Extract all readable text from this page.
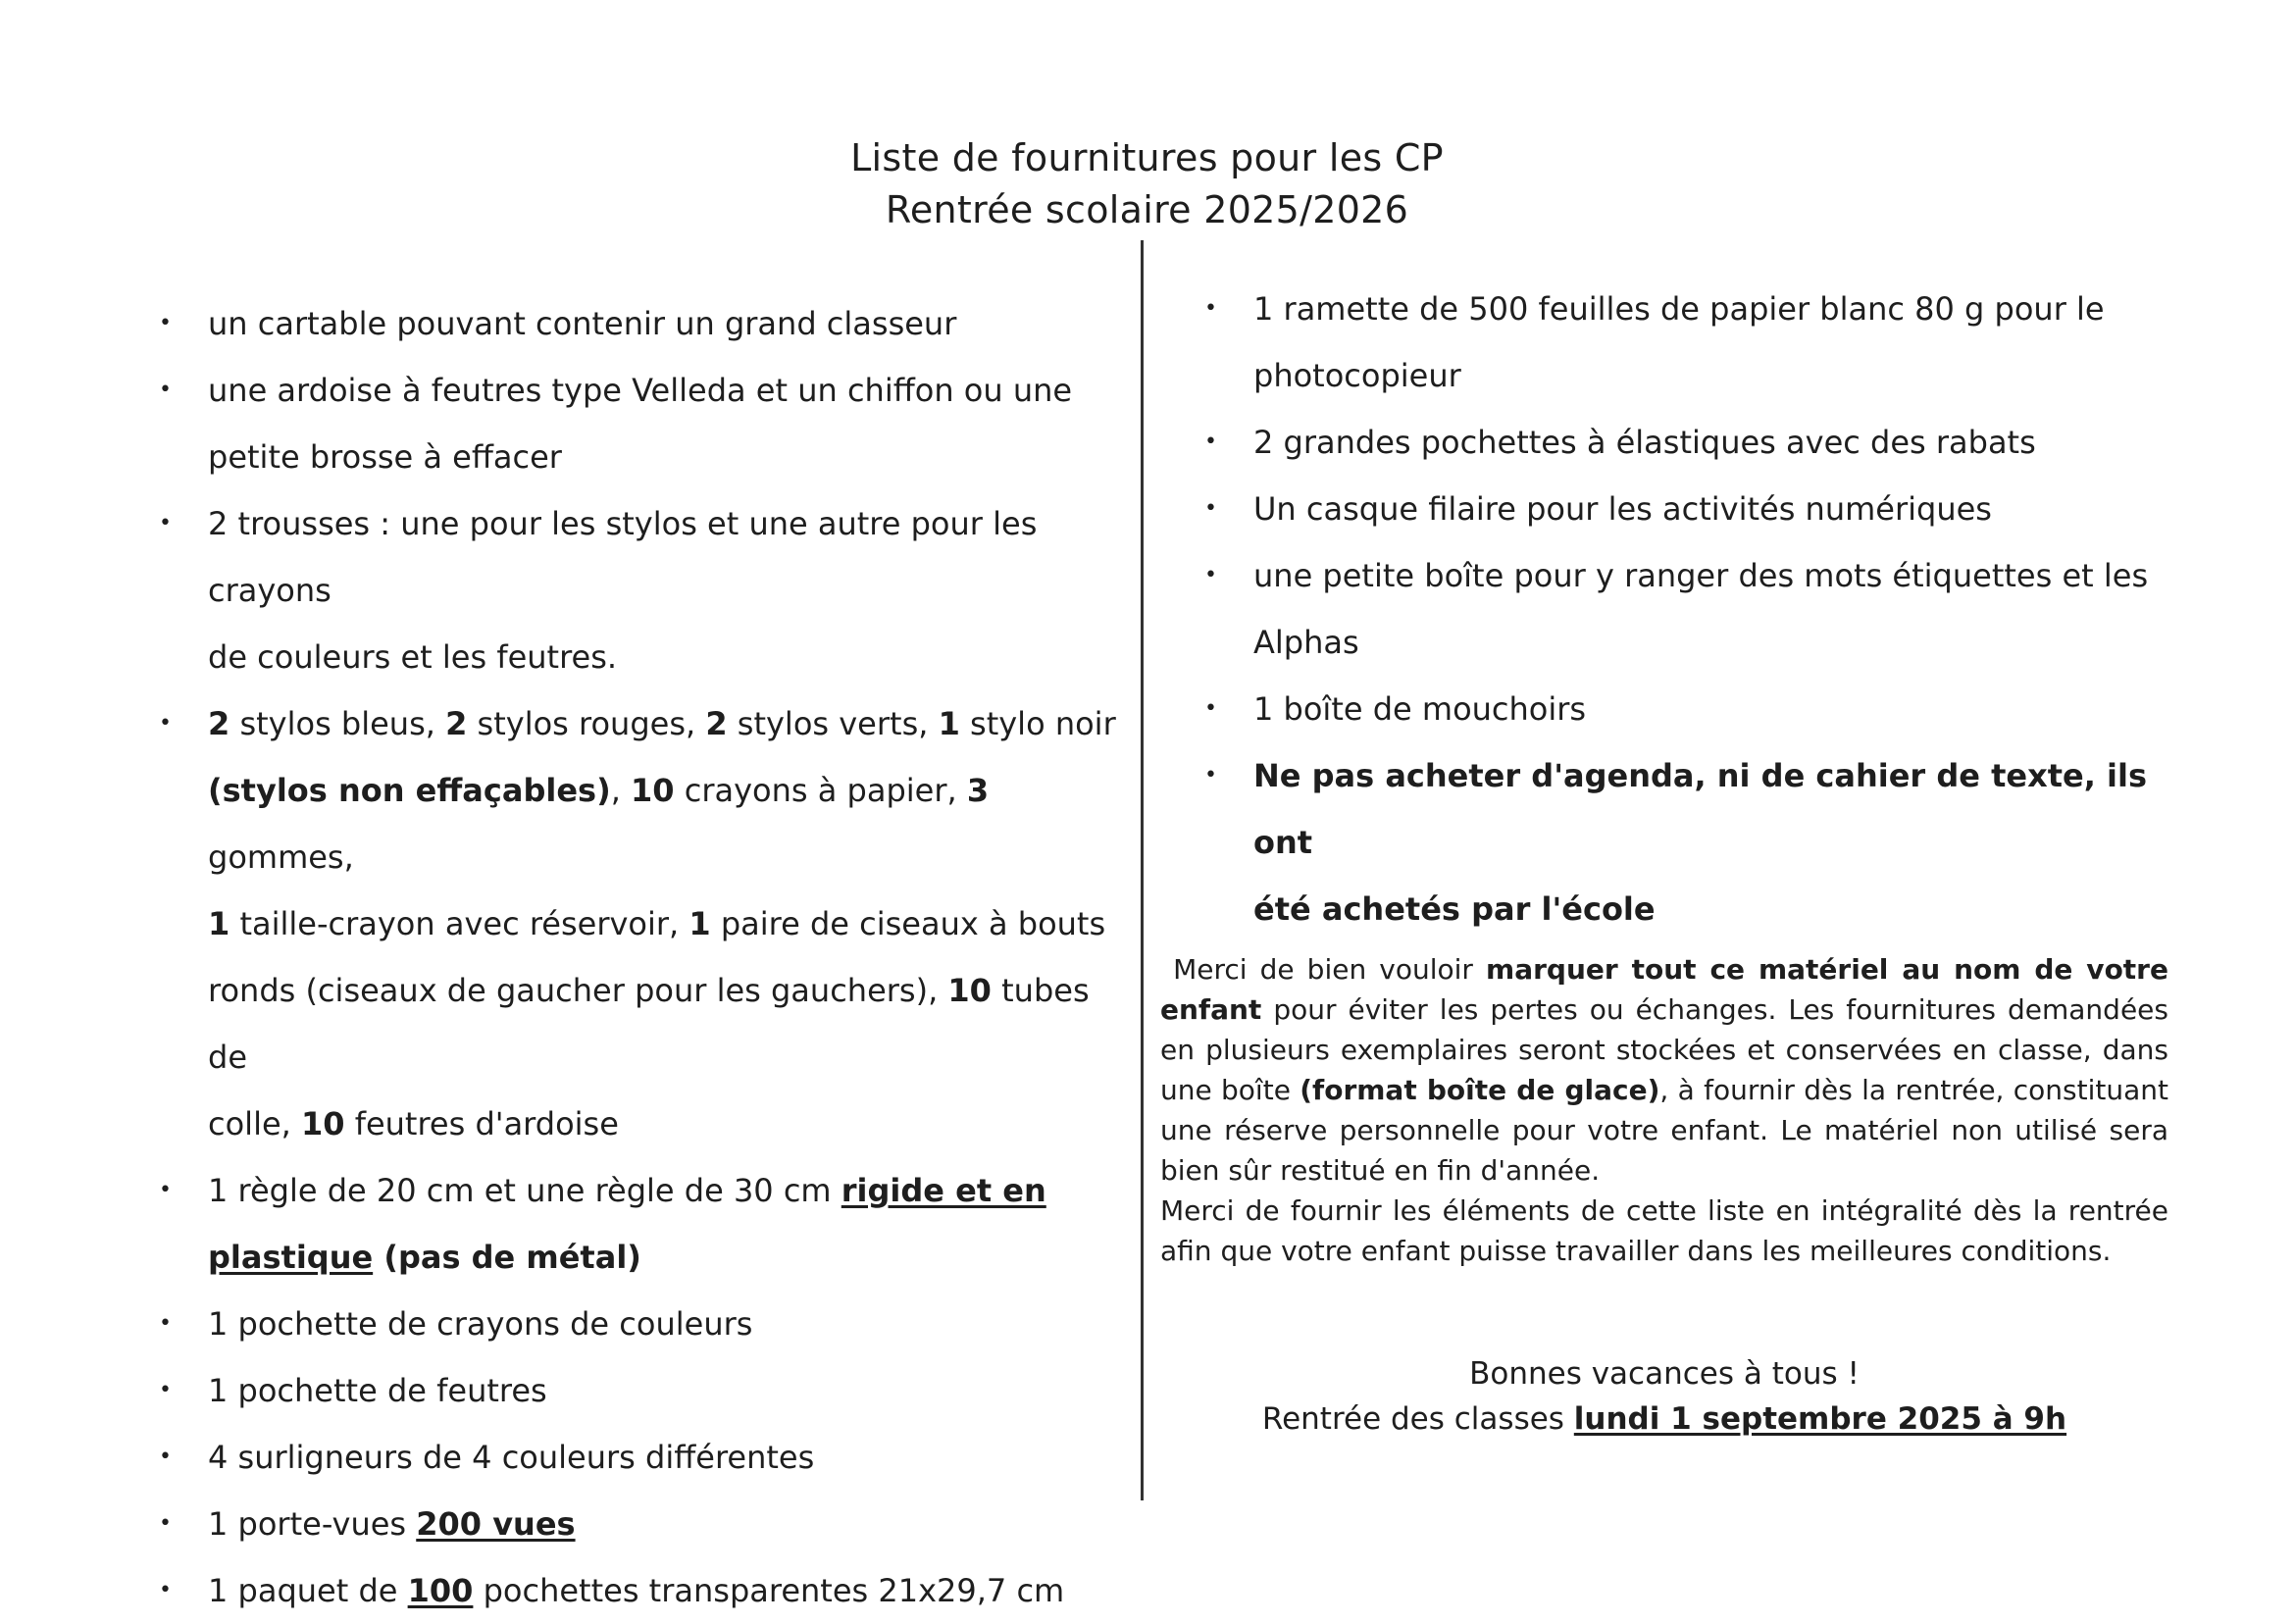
Liste de fournitures pour les CP
Rentrée scolaire 2025/2026
• un cartable pouvant contenir un grand classeur
• une ardoise à feutres type Velleda et un chiffon ou une
petite brosse à effacer
• 2 trousses : une pour les stylos et une autre pour les crayons
de couleurs et les feutres.
• 2 stylos bleus, 2 stylos rouges, 2 stylos verts, 1 stylo noir
(stylos non effaçables), 10 crayons à papier, 3 gommes,
1 taille-crayon avec réservoir, 1 paire de ciseaux à bouts
ronds (ciseaux de gaucher pour les gauchers), 10 tubes de
colle, 10 feutres d'ardoise
• 1 règle de 20 cm et une règle de 30 cm rigide et en
plastique (pas de métal)
• 1 pochette de crayons de couleurs
• 1 pochette de feutres
• 4 surligneurs de 4 couleurs différentes
• 1 porte-vues 200 vues
• 1 paquet de 100 pochettes transparentes 21x29,7 cm
• 1 ramette de 500 feuilles de papier blanc 80 g pour le
photocopieur
• 2 grandes pochettes à élastiques avec des rabats
• Un casque filaire pour les activités numériques
• une petite boîte pour y ranger des mots étiquettes et les
Alphas
• 1 boîte de mouchoirs
• Ne pas acheter d'agenda, ni de cahier de texte, ils ont
été achetés par l'école

Merci de bien vouloir marquer tout ce matériel au nom de votre enfant pour éviter les pertes ou échanges. Les fournitures demandées en plusieurs exemplaires seront stockées et conservées en classe, dans une boîte (format boîte de glace), à fournir dès la rentrée, constituant une réserve personnelle pour votre enfant. Le matériel non utilisé sera bien sûr restitué en fin d'année.

Merci de fournir les éléments de cette liste en intégralité dès la rentrée afin que votre enfant puisse travailler dans les meilleures conditions.

Bonnes vacances à tous !
Rentrée des classes lundi 1 septembre 2025 à 9h
